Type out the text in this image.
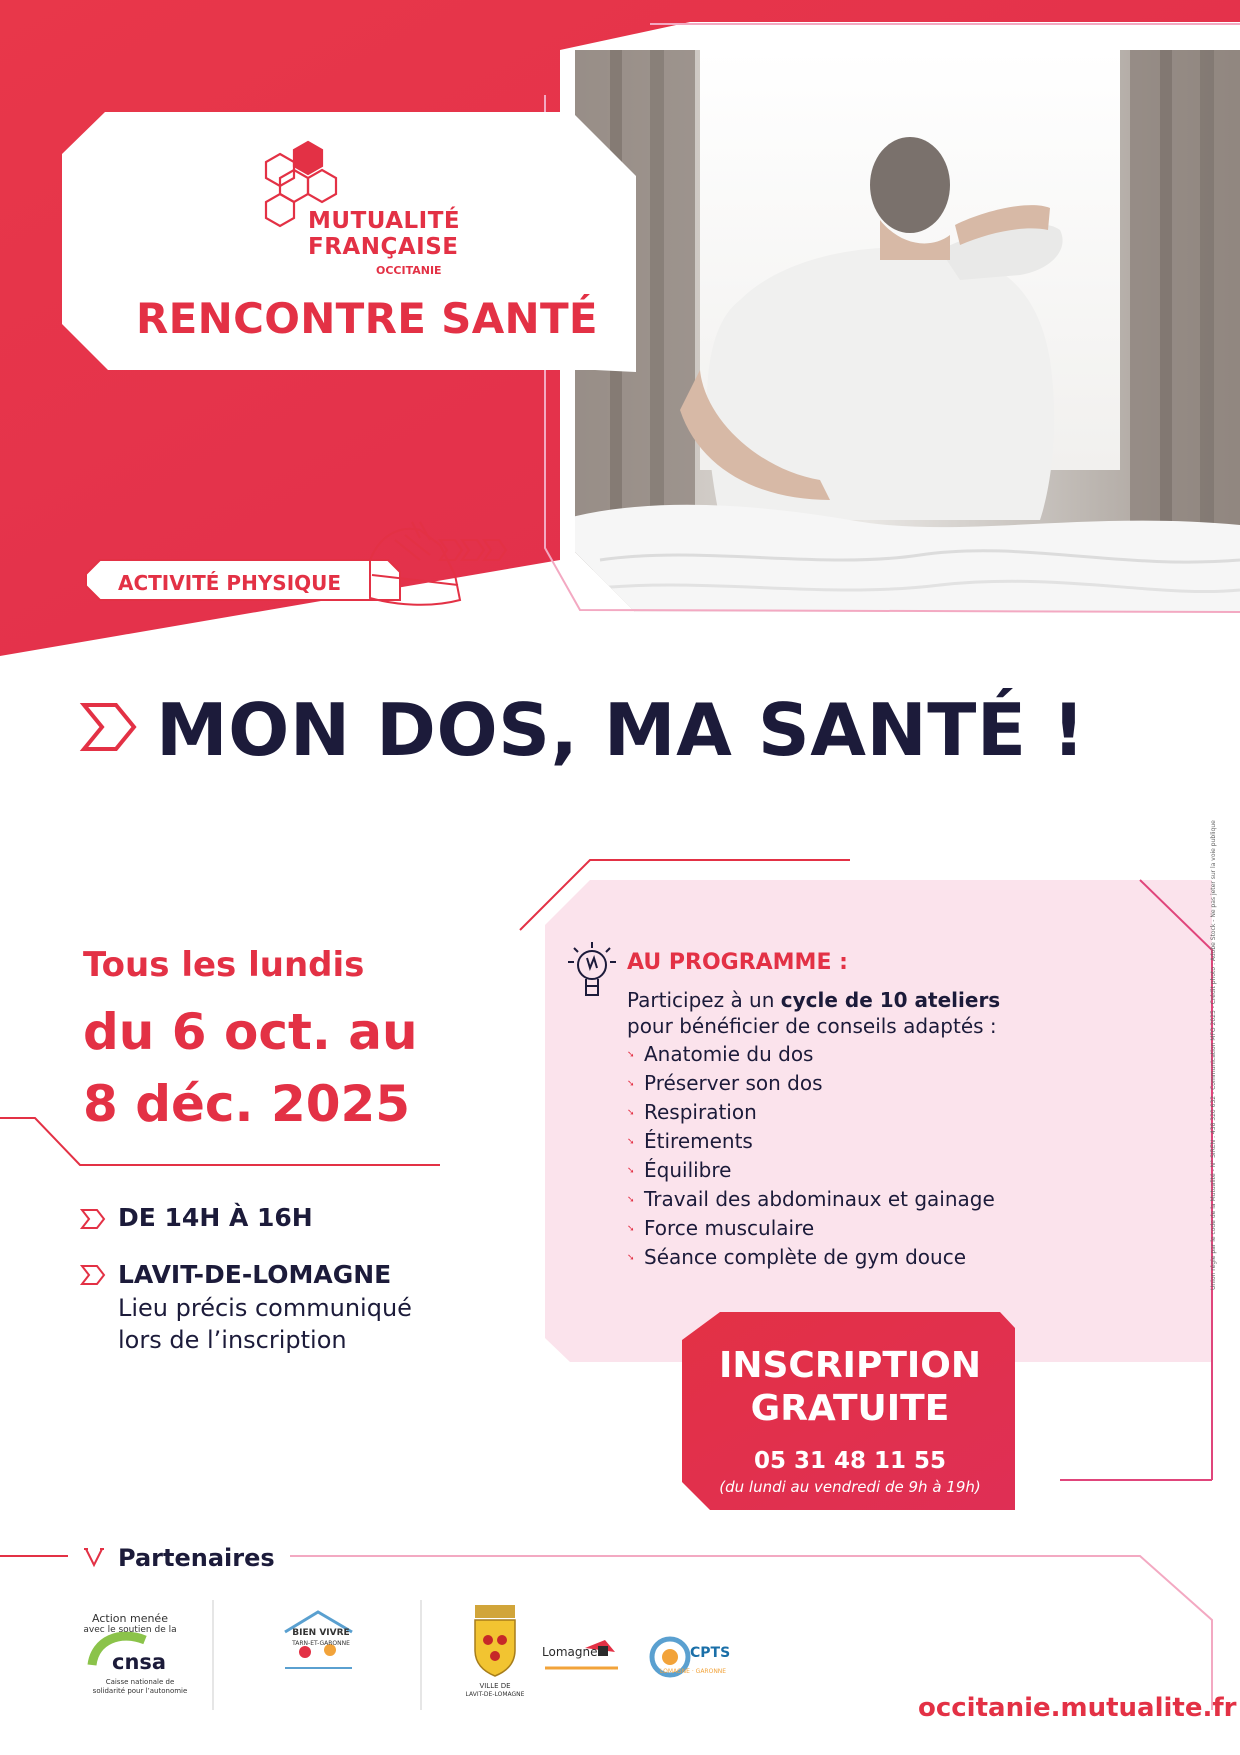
MUTUALITÉ
FRANÇAISE
OCCITANIE
RENCONTRE SANTÉ
ACTIVITÉ PHYSIQUE
MON DOS, MA SANTÉ !
Tous les lundis
du 6 oct. au
8 déc. 2025
DE 14H À 16H
LAVIT-DE-LOMAGNE
Lieu précis communiqué
lors de l’inscription
AU PROGRAMME :
Participez à un cycle de 10 ateliers pour bénéficier de conseils adaptés :
➘ Anatomie du dos
➘ Préserver son dos
➘ Respiration
➘ Étirements
➘ Équilibre
➘ Travail des abdominaux et gainage
➘ Force musculaire
➘ Séance complète de gym douce
INSCRIPTION
GRATUITE
05 31 48 11 55
(du lundi au vendredi de 9h à 19h)
Partenaires
Action menée
avec le soutien de la
cnsa
Caisse nationale de
solidarité pour l’autonomie
BIEN VIVRE
TARN-ET-GARONNE
VILLE DE
LAVIT-DE-LOMAGNE
Lomagne	CPTS
LOMAGNE · GARONNE
occitanie.mutualite.fr
Union régie par le code de la Mutualité - N° SIREN : 438 320 632 - Communication MFO 2025 - Crédit photo : Adobe Stock - Ne pas jeter sur la voie publique
